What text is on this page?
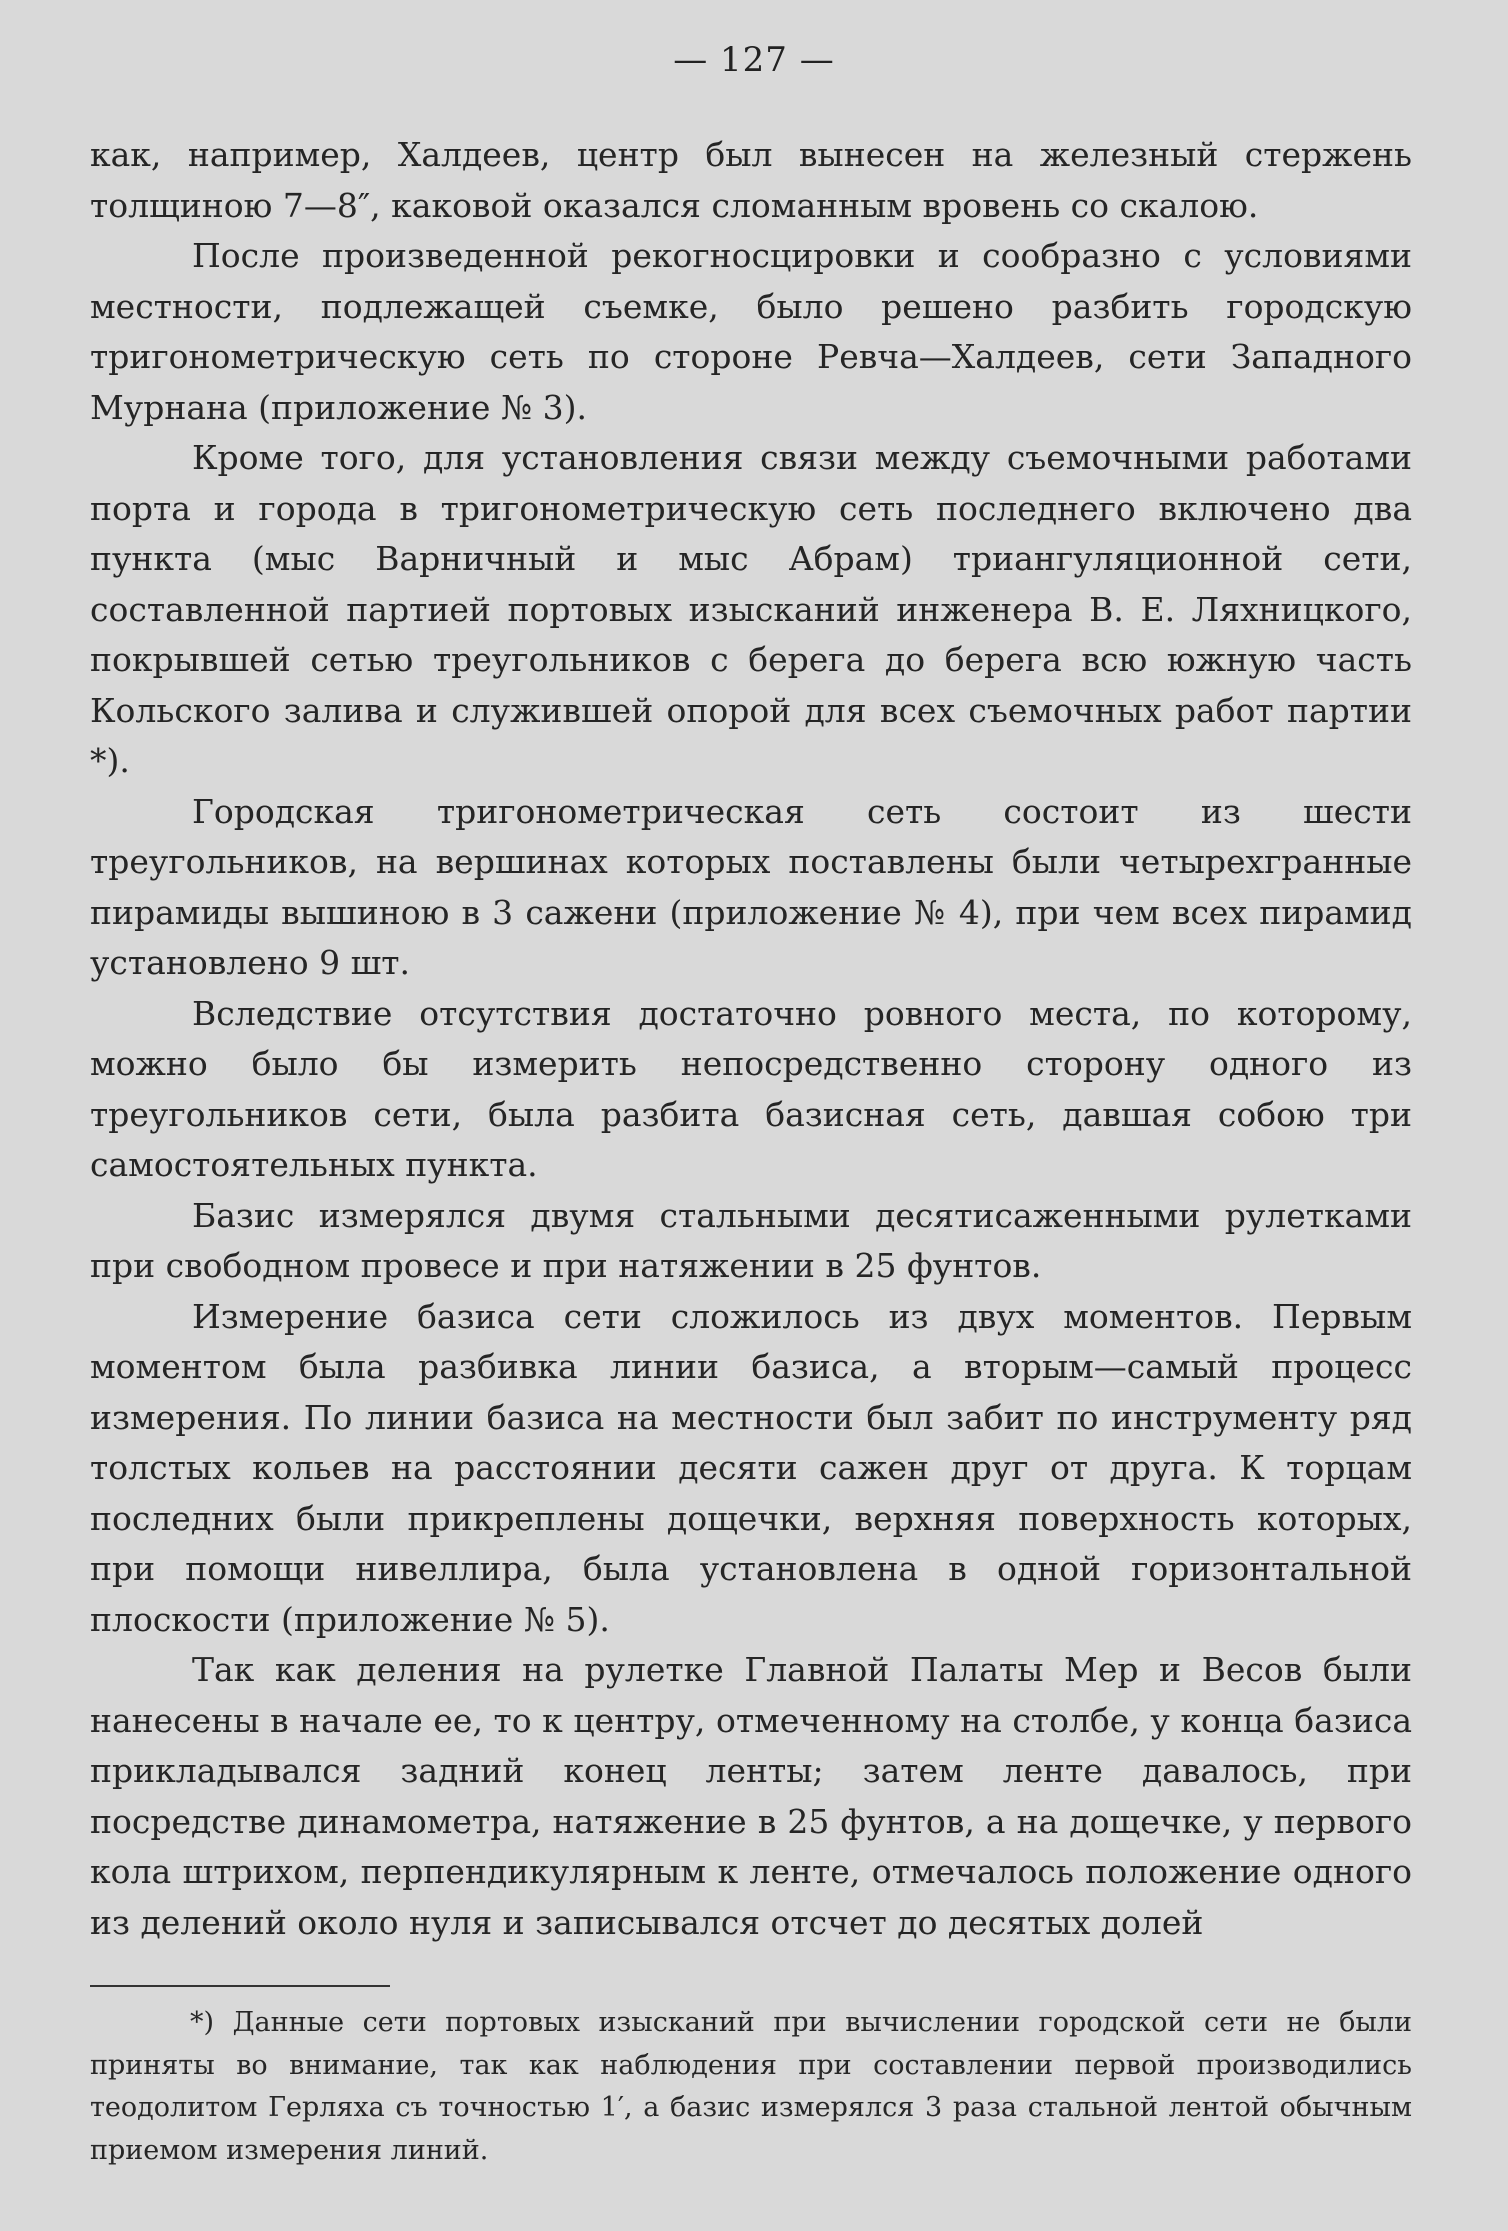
— 127 —

как, например, Халдеев, центр был вынесен на железный стержень толщиною 7—8″, каковой оказался сломанным вровень со скалою.

После произведенной рекогносцировки и сообразно с условиями местности, подлежащей съемке, было решено разбить городскую тригонометрическую сеть по стороне Ревча—Халдеев, сети Западного Мурнана (приложение № 3).

Кроме того, для установления связи между съемочными работами порта и города в тригонометрическую сеть последнего включено два пункта (мыс Варничный и мыс Абрам) триангуляционной сети, составленной партией портовых изысканий инженера В. Е. Ляхницкого, покрывшей сетью треугольников с берега до берега всю южную часть Кольского залива и служившей опорой для всех съемочных работ партии *).

Городская тригонометрическая сеть состоит из шести треугольников, на вершинах которых поставлены были четырехгранные пирамиды вышиною в 3 сажени (приложение № 4), при чем всех пирамид установлено 9 шт.

Вследствие отсутствия достаточно ровного места, по которому, можно было бы измерить непосредственно сторону одного из треугольников сети, была разбита базисная сеть, давшая собою три самостоятельных пункта.

Базис измерялся двумя стальными десятисаженными рулетками при свободном провесе и при натяжении в 25 фунтов.

Измерение базиса сети сложилось из двух моментов. Первым моментом была разбивка линии базиса, а вторым—самый процесс измерения. По линии базиса на местности был забит по инструменту ряд толстых кольев на расстоянии десяти сажен друг от друга. К торцам последних были прикреплены дощечки, верхняя поверхность которых, при помощи нивеллира, была установлена в одной горизонтальной плоскости (приложение № 5).

Так как деления на рулетке Главной Палаты Мер и Весов были нанесены в начале ее, то к центру, отмеченному на столбе, у конца базиса прикладывался задний конец ленты; затем ленте давалось, при посредстве динамометра, натяжение в 25 фунтов, а на дощечке, у первого кола штрихом, перпендикулярным к ленте, отмечалось положение одного из делений около нуля и записывался отсчет до десятых долей

*) Данные сети портовых изысканий при вычислении городской сети не были приняты во внимание, так как наблюдения при составлении первой производились теодолитом Герляха съ точностью 1′, а базис измерялся 3 раза стальной лентой обычным приемом измерения линий.
